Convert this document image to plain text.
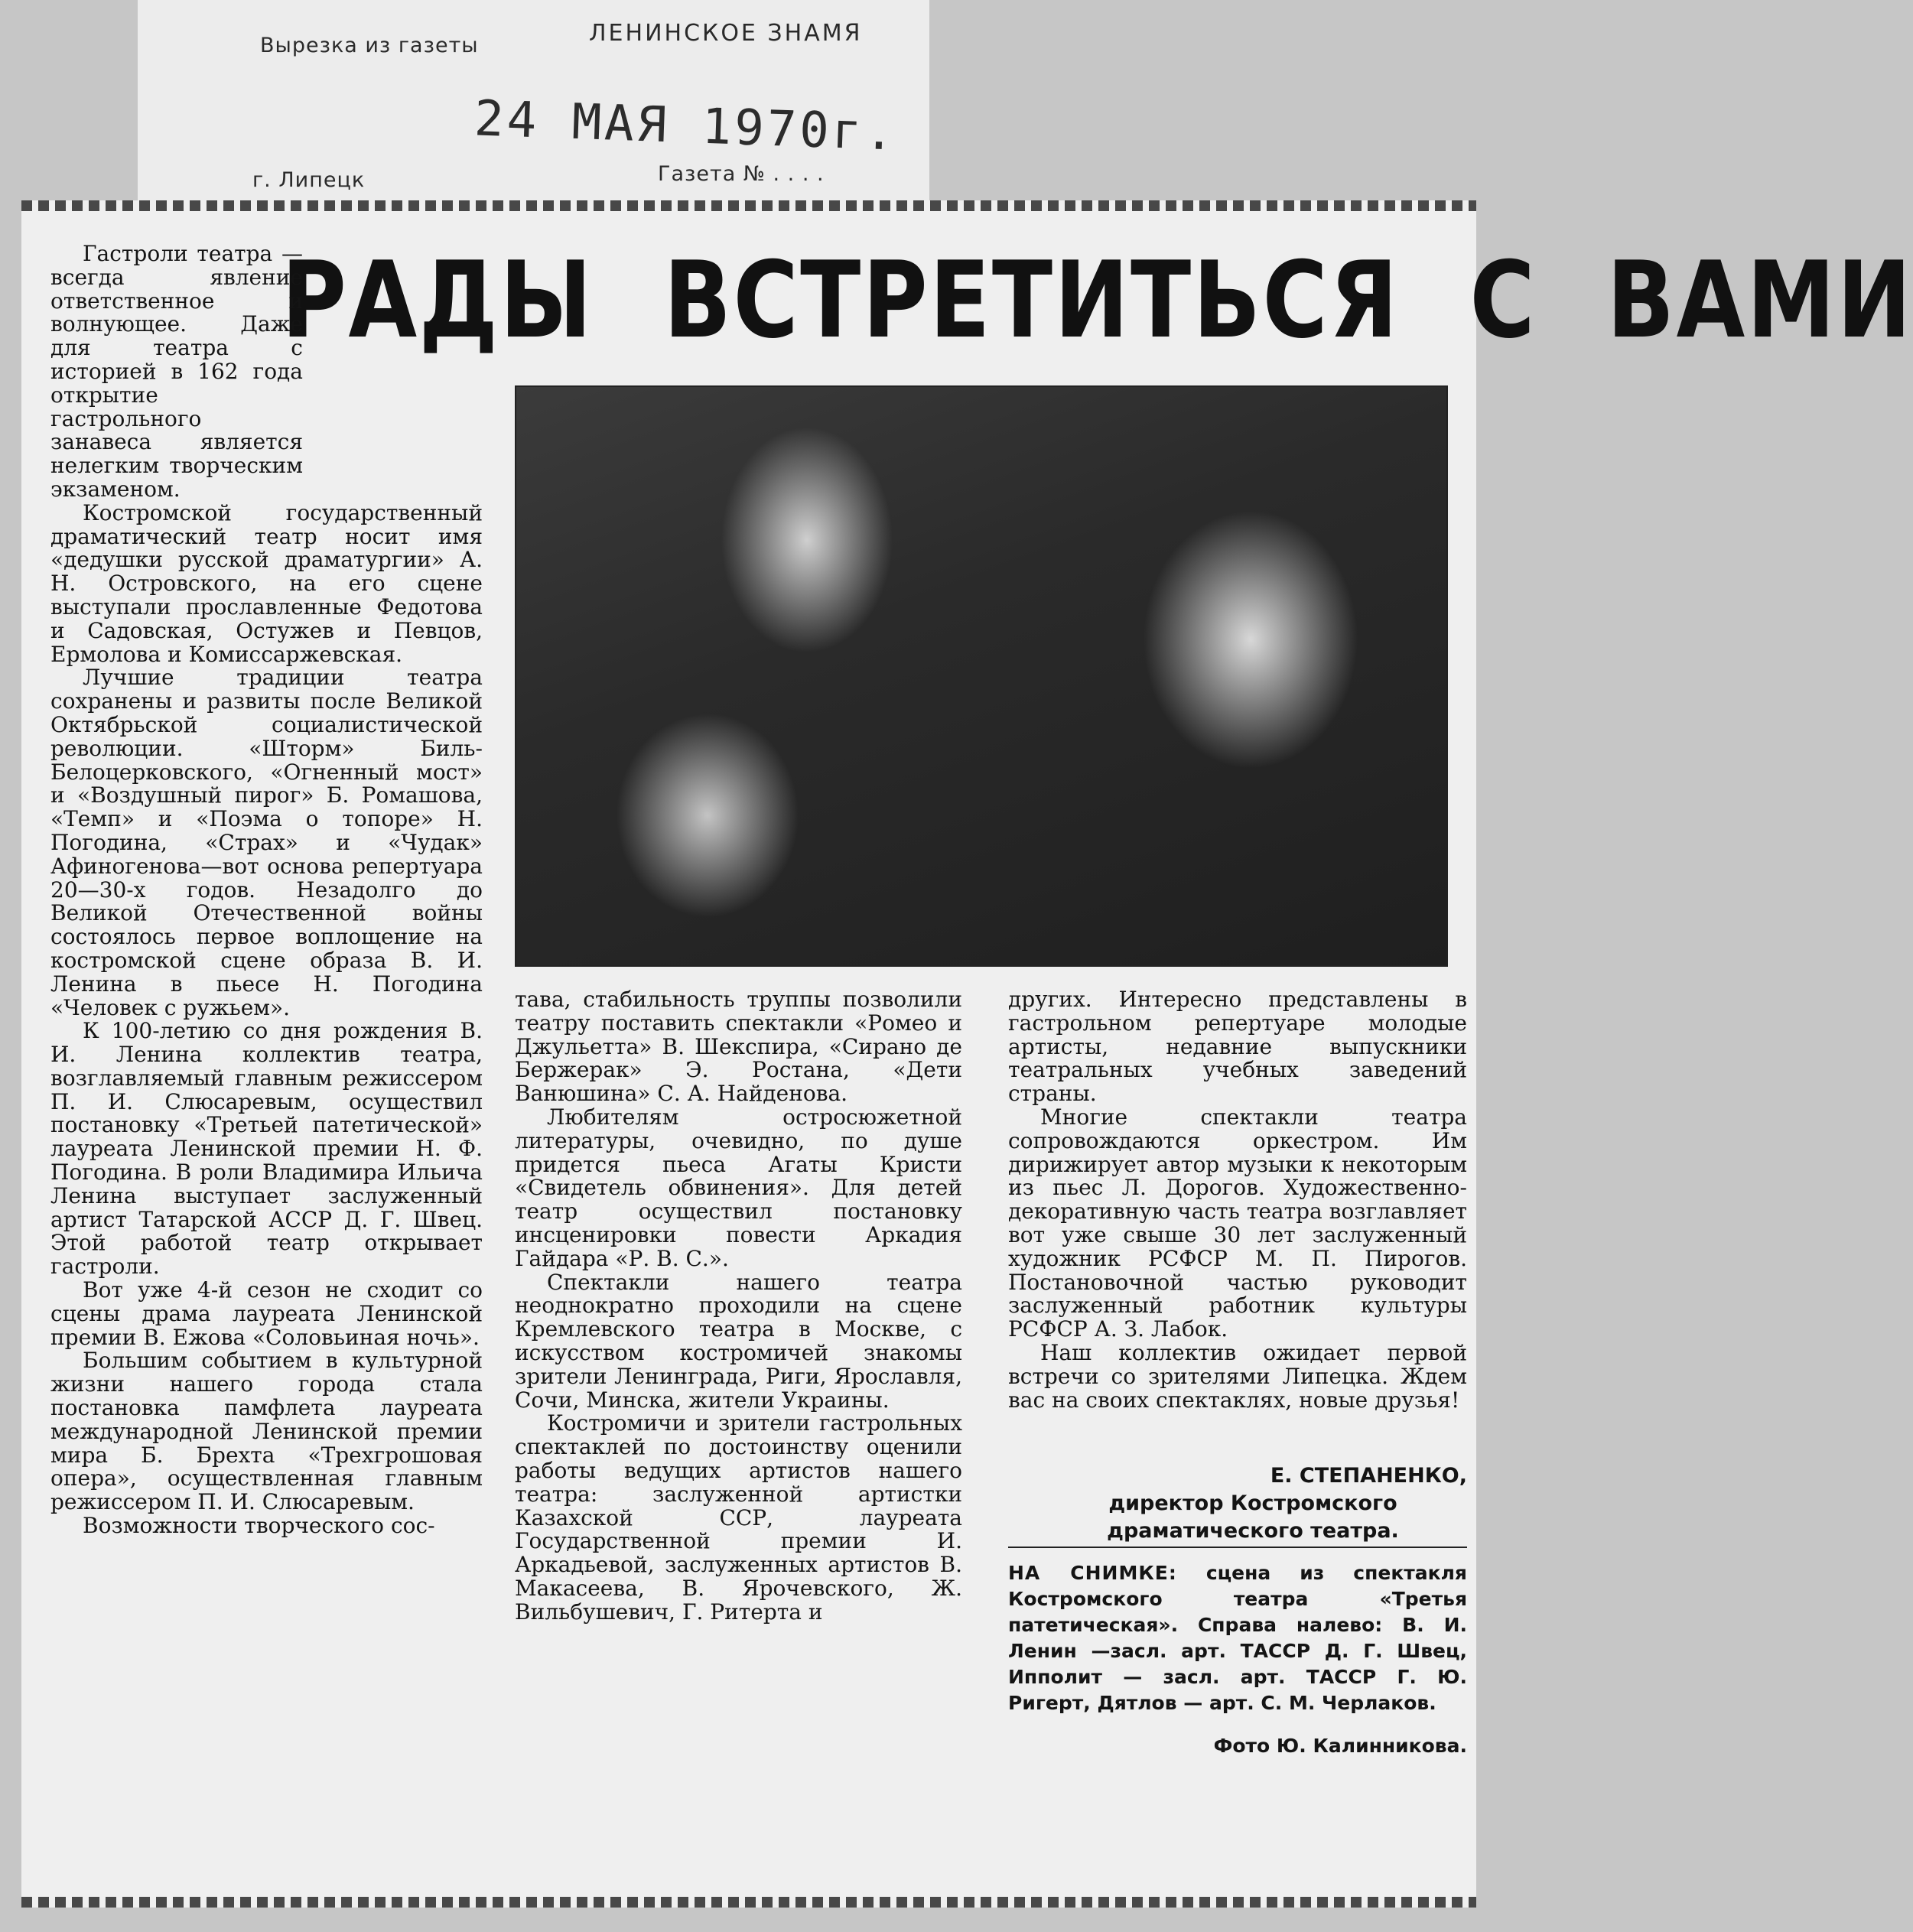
Вырезка из газеты	ЛЕНИНСКОЕ ЗНАМЯ
24 МАЯ 1970г.
г. Липецк	Газета № . . . .
РАДЫ ВСТРЕТИТЬСЯ С ВАМИ

Гастроли театра — всегда явление ответственное и волнующее. Даже для театра с историей в 162 года открытие гастрольного занавеса является нелегким творческим экзаменом.

Костромской государственный драматический театр носит имя «дедушки русской драматургии» А. Н. Островского, на его сцене выступали прославленные Федотова и Садовская, Остужев и Певцов, Ермолова и Комиссаржевская.

Лучшие традиции театра сохранены и развиты после Великой Октябрьской социалистической революции. «Шторм» Биль-Белоцерковского, «Огненный мост» и «Воздушный пирог» Б. Ромашова, «Темп» и «Поэма о топоре» Н. Погодина, «Страх» и «Чудак» Афиногенова—вот основа репертуара 20—30-х годов. Незадолго до Великой Отечественной войны состоялось первое воплощение на костромской сцене образа В. И. Ленина в пьесе Н. Погодина «Человек с ружьем».

К 100-летию со дня рождения В. И. Ленина коллектив театра, возглавляемый главным режиссером П. И. Слюсаревым, осуществил постановку «Третьей патетической» лауреата Ленинской премии Н. Ф. Погодина. В роли Владимира Ильича Ленина выступает заслуженный артист Татарской АССР Д. Г. Швец. Этой работой театр открывает гастроли.

Вот уже 4-й сезон не сходит со сцены драма лауреата Ленинской премии В. Ежова «Соловьиная ночь».

Большим событием в культурной жизни нашего города стала постановка памфлета лауреата международной Ленинской премии мира Б. Брехта «Трехгрошовая опера», осуществленная главным режиссером П. И. Слюсаревым.

Возможности творческого сос-

тава, стабильность труппы позволили театру поставить спектакли «Ромео и Джульетта» В. Шекспира, «Сирано де Бержерак» Э. Ростана, «Дети Ванюшина» С. А. Найденова.

Любителям остросюжетной литературы, очевидно, по душе придется пьеса Агаты Кристи «Свидетель обвинения». Для детей театр осуществил постановку инсценировки повести Аркадия Гайдара «Р. В. С.».

Спектакли нашего театра неоднократно проходили на сцене Кремлевского театра в Москве, с искусством костромичей знакомы зрители Ленинграда, Риги, Ярославля, Сочи, Минска, жители Украины.

Костромичи и зрители гастрольных спектаклей по достоинству оценили работы ведущих артистов нашего театра: заслуженной артистки Казахской ССР, лауреата Государственной премии И. Аркадьевой, заслуженных артистов В. Макасеева, В. Ярочевского, Ж. Вильбушевич, Г. Ритерта и

других. Интересно представлены в гастрольном репертуаре молодые артисты, недавние выпускники театральных учебных заведений страны.

Многие спектакли театра сопровождаются оркестром. Им дирижирует автор музыки к некоторым из пьес Л. Дорогов. Художественно-декоративную часть театра возглавляет вот уже свыше 30 лет заслуженный художник РСФСР М. П. Пирогов. Постановочной частью руководит заслуженный работник культуры РСФСР А. З. Лабок.

Наш коллектив ожидает первой встречи со зрителями Липецка. Ждем вас на своих спектаклях, новые друзья!

Е. СТЕПАНЕНКО,
директор Костромского драматического театра.
НА СНИМКЕ: сцена из спектакля Костромского театра «Третья патетическая». Справа налево: В. И. Ленин —засл. арт. ТАССР Д. Г. Швец, Ипполит — засл. арт. ТАССР Г. Ю. Ригерт, Дятлов — арт. С. М. Черлаков.
Фото Ю. Калинникова.
